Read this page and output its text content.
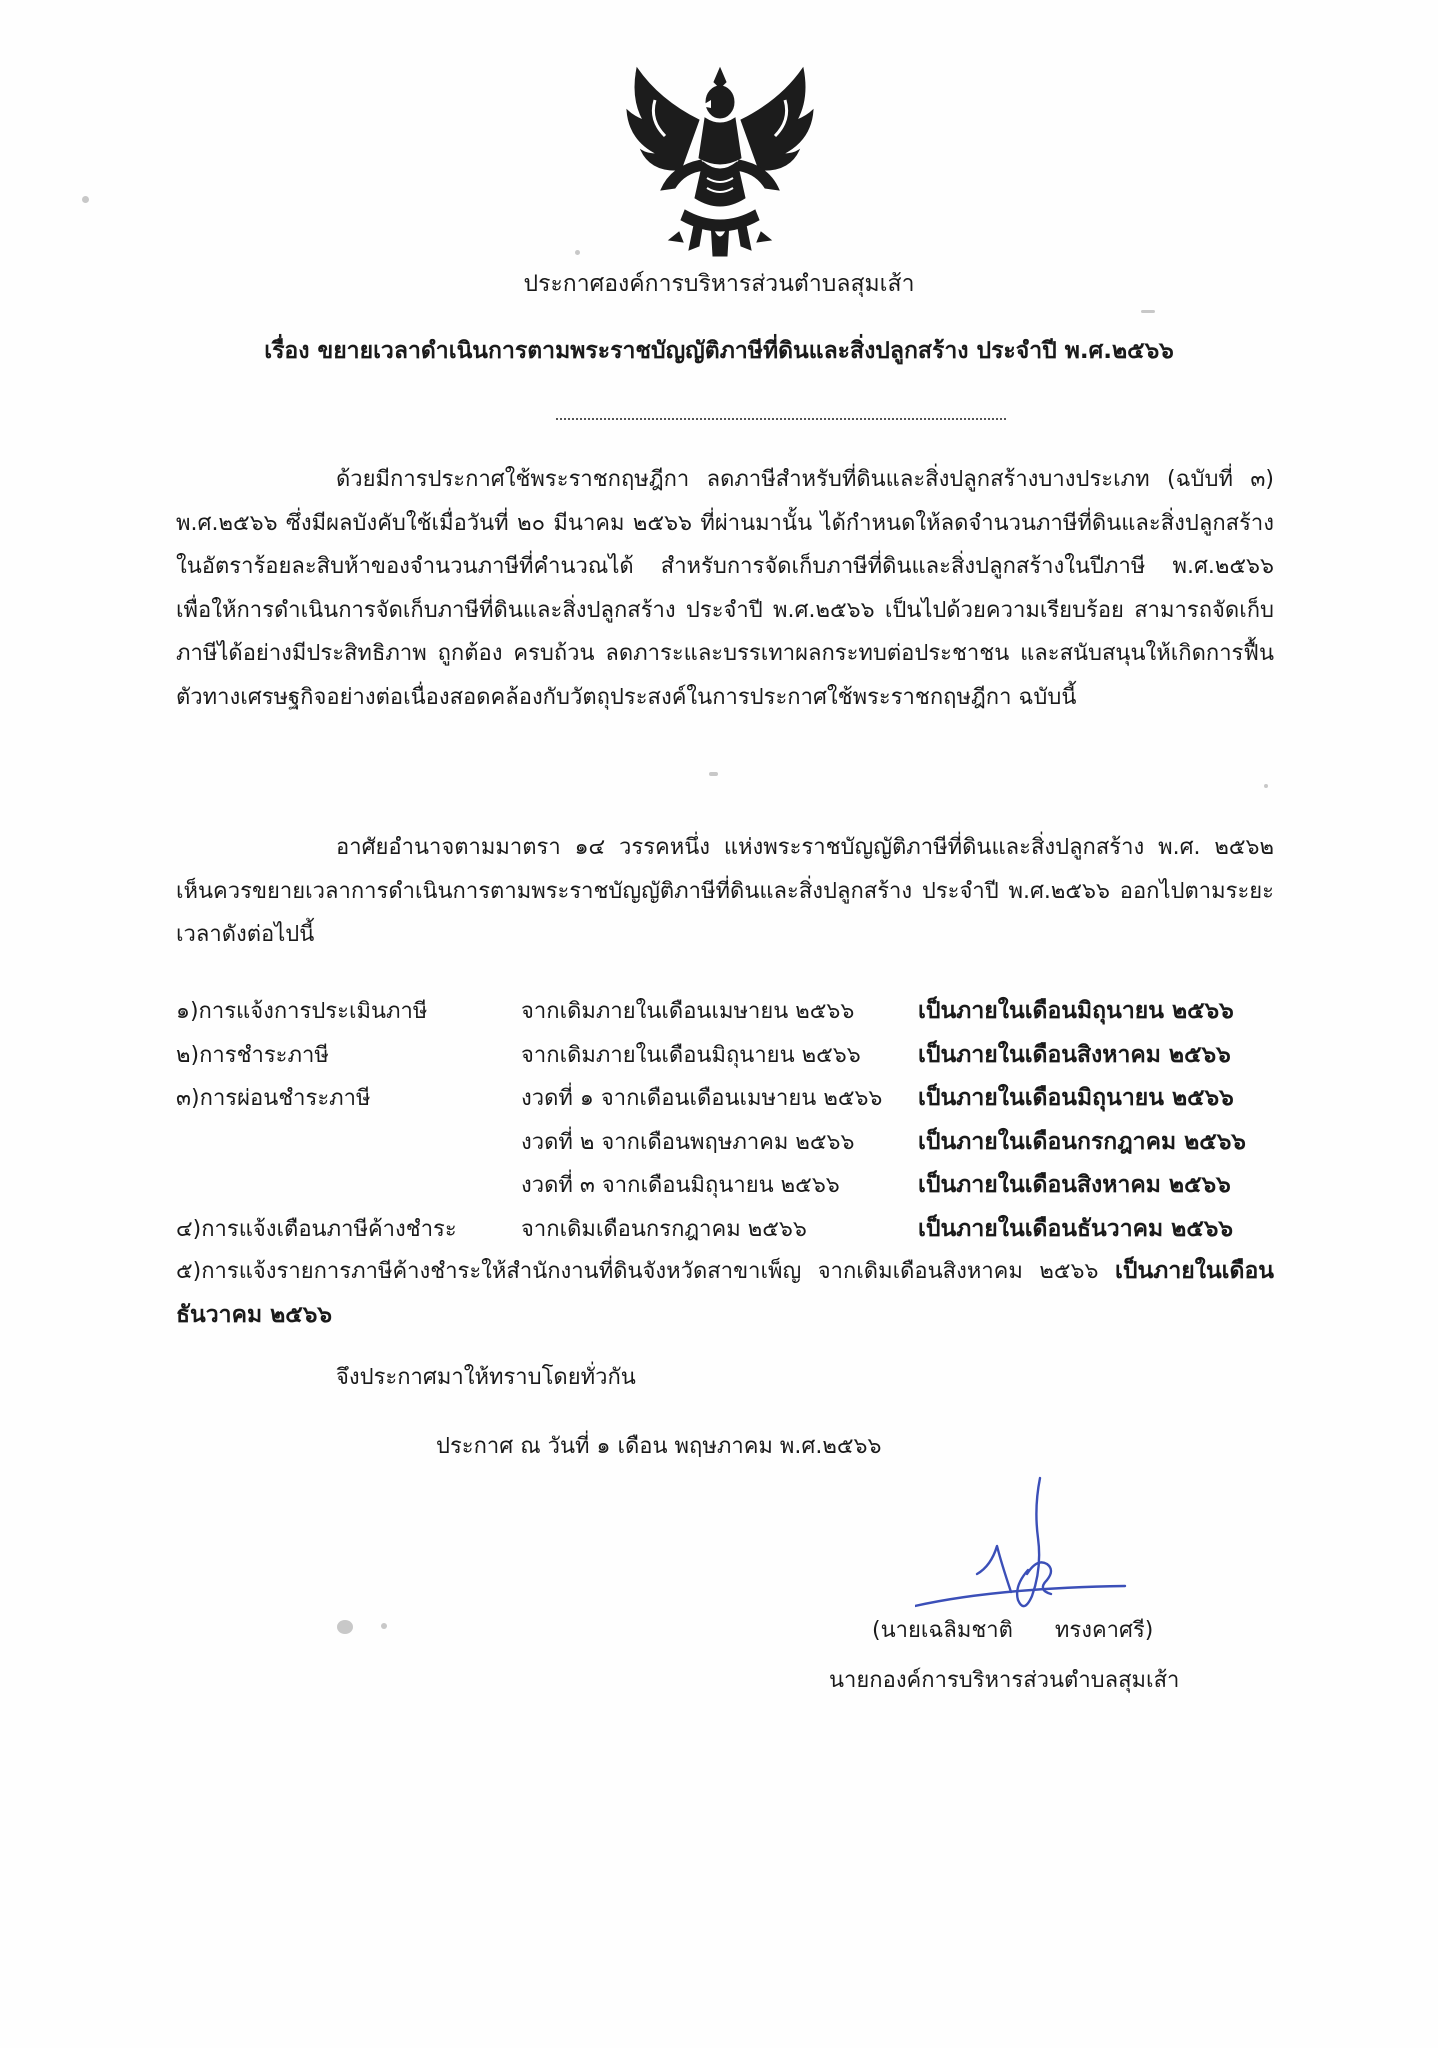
ประกาศองค์การบริหารส่วนตำบลสุมเส้า
เรื่อง ขยายเวลาดำเนินการตามพระราชบัญญัติภาษีที่ดินและสิ่งปลูกสร้าง ประจำปี พ.ศ.๒๕๖๖
ด้วยมีการประกาศใช้พระราชกฤษฎีกา ลดภาษีสำหรับที่ดินและสิ่งปลูกสร้างบางประเภท (ฉบับที่ ๓) พ.ศ.๒๕๖๖ ซึ่งมีผลบังคับใช้เมื่อวันที่ ๒๐ มีนาคม ๒๕๖๖ ที่ผ่านมานั้น ได้กำหนดให้ลดจำนวนภาษีที่ดินและสิ่งปลูกสร้างในอัตราร้อยละสิบห้าของจำนวนภาษีที่คำนวณได้ สำหรับการจัดเก็บภาษีที่ดินและสิ่งปลูกสร้างในปีภาษี พ.ศ.๒๕๖๖ เพื่อให้การดำเนินการจัดเก็บภาษีที่ดินและสิ่งปลูกสร้าง ประจำปี พ.ศ.๒๕๖๖ เป็นไปด้วยความเรียบร้อย สามารถจัดเก็บภาษีได้อย่างมีประสิทธิภาพ ถูกต้อง ครบถ้วน ลดภาระและบรรเทาผลกระทบต่อประชาชน และสนับสนุนให้เกิดการฟื้นตัวทางเศรษฐกิจอย่างต่อเนื่องสอดคล้องกับวัตถุประสงค์ในการประกาศใช้พระราชกฤษฎีกา ฉบับนี้
อาศัยอำนาจตามมาตรา ๑๔ วรรคหนึ่ง แห่งพระราชบัญญัติภาษีที่ดินและสิ่งปลูกสร้าง พ.ศ. ๒๕๖๒ เห็นควรขยายเวลาการดำเนินการตามพระราชบัญญัติภาษีที่ดินและสิ่งปลูกสร้าง ประจำปี พ.ศ.๒๕๖๖ ออกไปตามระยะเวลาดังต่อไปนี้
๑)การแจ้งการประเมินภาษี	จากเดิมภายในเดือนเมษายน ๒๕๖๖	เป็นภายในเดือนมิถุนายน ๒๕๖๖
๒)การชำระภาษี	จากเดิมภายในเดือนมิถุนายน ๒๕๖๖ เป็นภายในเดือนสิงหาคม ๒๕๖๖
๓)การผ่อนชำระภาษี	งวดที่ ๑ จากเดือนเดือนเมษายน ๒๕๖๖ เป็นภายในเดือนมิถุนายน ๒๕๖๖
งวดที่ ๒ จากเดือนพฤษภาคม ๒๕๖๖	เป็นภายในเดือนกรกฎาคม ๒๕๖๖
งวดที่ ๓ จากเดือนมิถุนายน ๒๕๖๖	เป็นภายในเดือนสิงหาคม ๒๕๖๖
๔)การแจ้งเตือนภาษีค้างชำระ	จากเดิมเดือนกรกฎาคม ๒๕๖๖	เป็นภายในเดือนธันวาคม ๒๕๖๖
๕)การแจ้งรายการภาษีค้างชำระให้สำนักงานที่ดินจังหวัดสาขาเพ็ญ จากเดิมเดือนสิงหาคม ๒๕๖๖ เป็นภายในเดือนธันวาคม ๒๕๖๖
จึงประกาศมาให้ทราบโดยทั่วกัน
ประกาศ ณ วันที่ ๑ เดือน พฤษภาคม พ.ศ.๒๕๖๖
(นายเฉลิมชาติ      ทรงคาศรี)
นายกองค์การบริหารส่วนตำบลสุมเส้า
